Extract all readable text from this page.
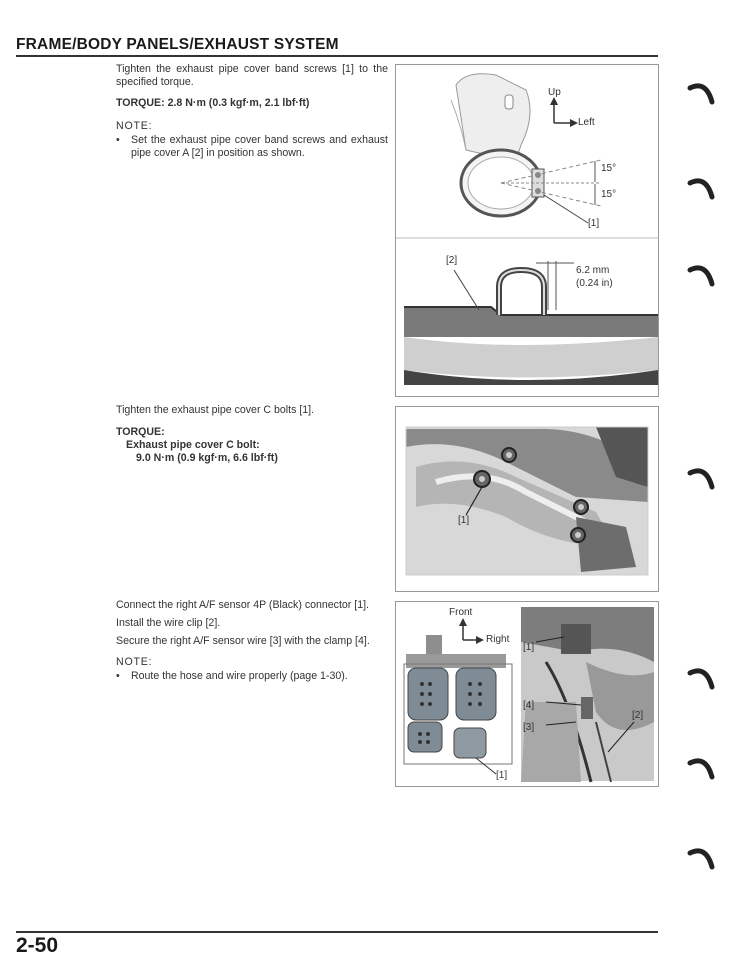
FRAME/BODY PANELS/EXHAUST SYSTEM
Tighten the exhaust pipe cover band screws [1] to the specified torque.
TORQUE: 2.8 N·m (0.3 kgf·m, 2.1 lbf·ft)
NOTE:
•	Set the exhaust pipe cover band screws and exhaust pipe cover A [2] in position as shown.
Up
Left
15°
15°
[1]
[2]
6.2 mm
(0.24 in)
Tighten the exhaust pipe cover C bolts [1].
TORQUE:
Exhaust pipe cover C bolt:
9.0 N·m (0.9 kgf·m, 6.6 lbf·ft)
[1]
Connect the right A/F sensor 4P (Black) connector [1].
Install the wire clip [2].
Secure the right A/F sensor wire [3] with the clamp [4].
NOTE:
•	Route the hose and wire properly (page 1-30).
Front
Right
[1]
[4]
[3]
[2]
[1]
2-50
